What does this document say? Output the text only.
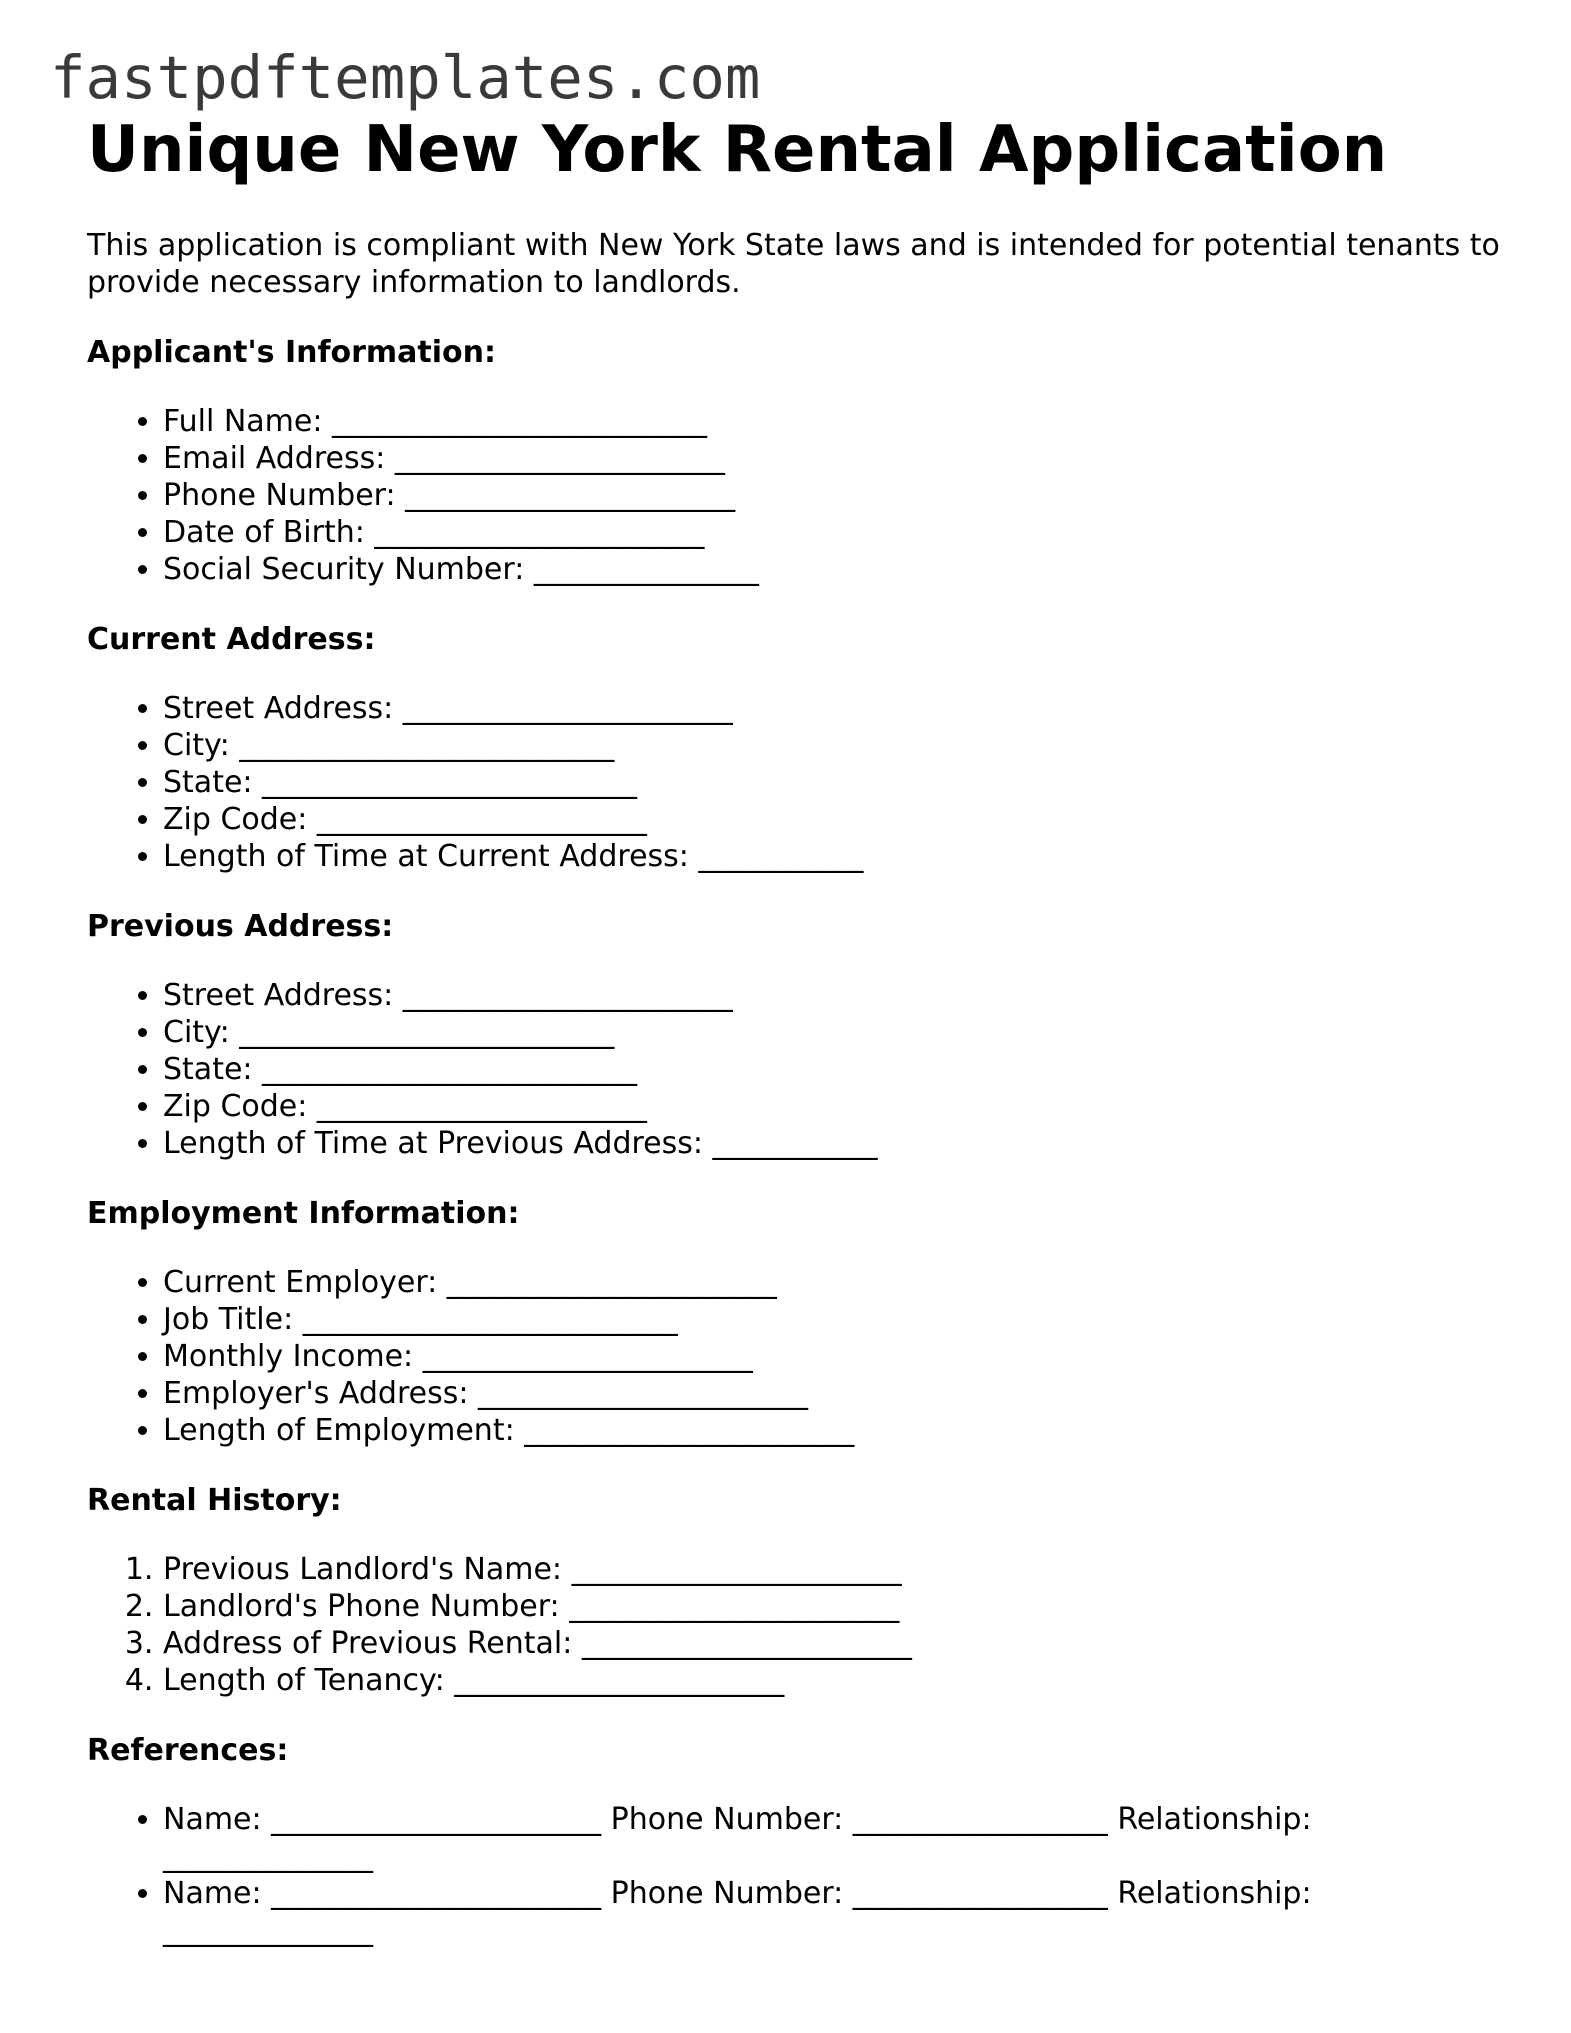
fastpdftemplates.com
Unique New York Rental Application

This application is compliant with New York State laws and is intended for potential tenants to provide necessary information to landlords.

Applicant's Information:
• Full Name: _________________________
• Email Address: ______________________
• Phone Number: ______________________
• Date of Birth: ______________________
• Social Security Number: _______________
Current Address:
• Street Address: ______________________
• City: _________________________
• State: _________________________
• Zip Code: ______________________
• Length of Time at Current Address: ___________
Previous Address:
• Street Address: ______________________
• City: _________________________
• State: _________________________
• Zip Code: ______________________
• Length of Time at Previous Address: ___________
Employment Information:
• Current Employer: ______________________
• Job Title: _________________________
• Monthly Income: ______________________
• Employer's Address: ______________________
• Length of Employment: ______________________
Rental History:
1. Previous Landlord's Name: ______________________
2. Landlord's Phone Number: ______________________
3. Address of Previous Rental: ______________________
4. Length of Tenancy: ______________________
References:
• Name: ______________________ Phone Number: _________________ Relationship: ______________
• Name: ______________________ Phone Number: _________________ Relationship: ______________
